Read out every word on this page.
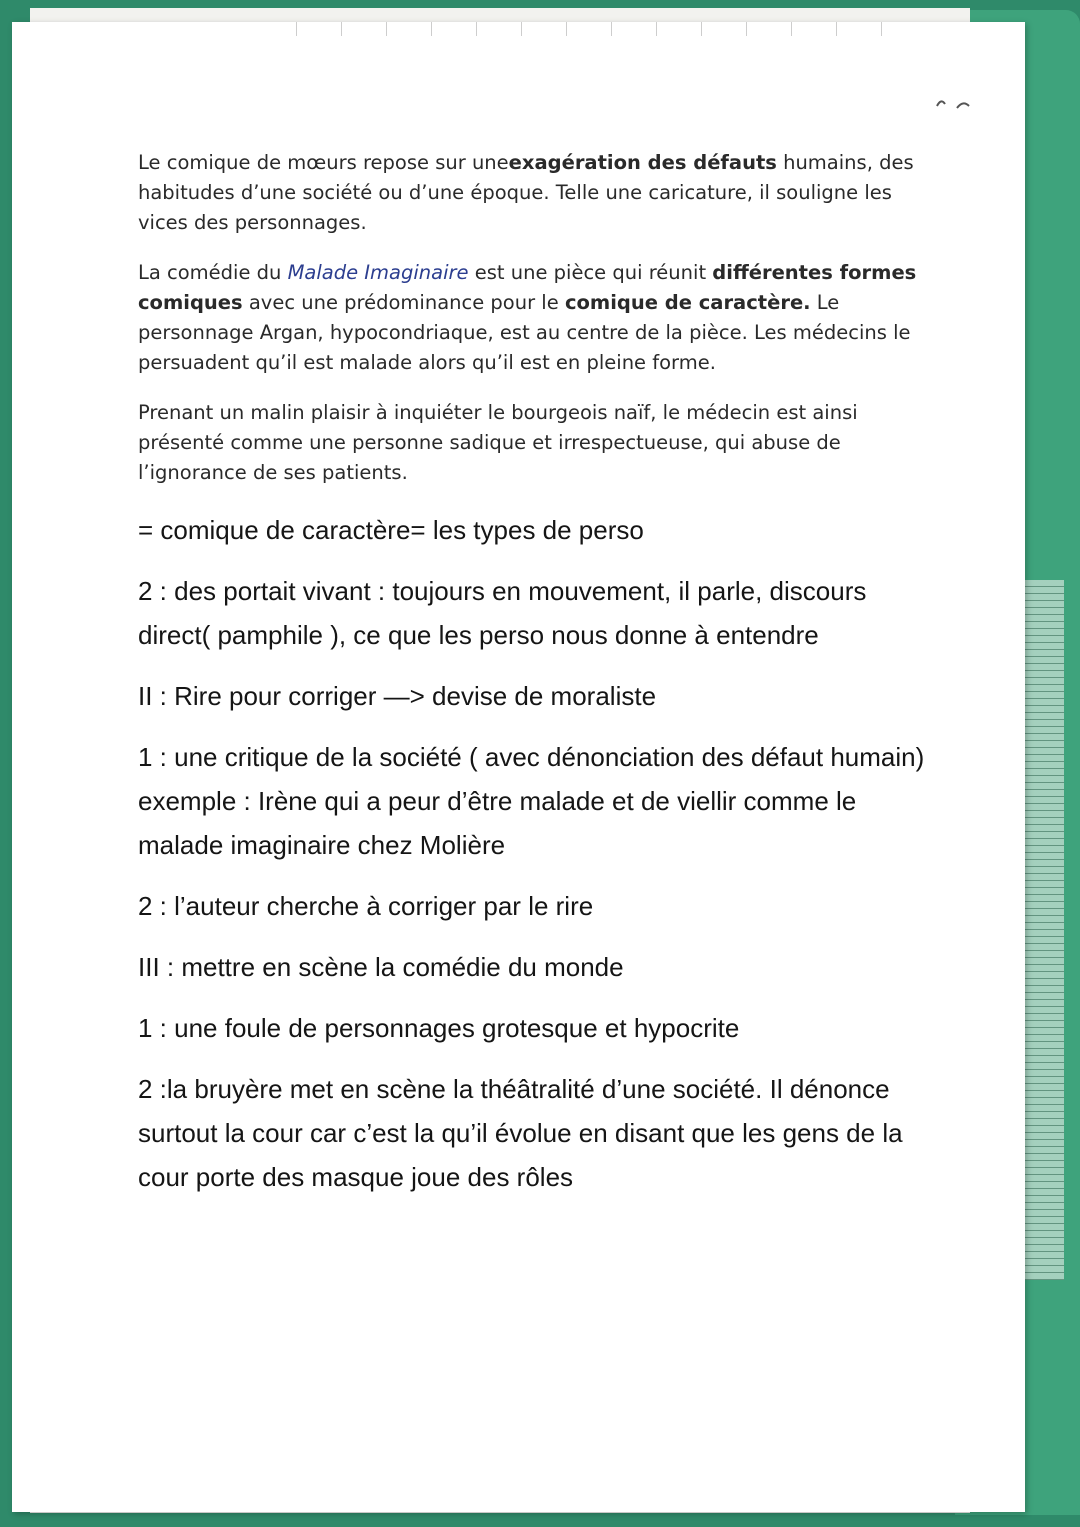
Le comique de mœurs repose sur uneexagération des défauts humains, des habitudes d’une société ou d’une époque. Telle une caricature, il souligne les vices des personnages.

La comédie du Malade Imaginaire est une pièce qui réunit différentes formes comiques avec une prédominance pour le comique de caractère. Le personnage Argan, hypocondriaque, est au centre de la pièce. Les médecins le persuadent qu’il est malade alors qu’il est en pleine forme.

Prenant un malin plaisir à inquiéter le bourgeois naïf, le médecin est ainsi présenté comme une personne sadique et irrespectueuse, qui abuse de l’ignorance de ses patients.

= comique de caractère= les types de perso

2 : des portait vivant : toujours en mouvement, il parle, discours direct( pamphile ), ce que les perso nous donne à entendre

II : Rire pour corriger —> devise de moraliste

1 : une critique de la société ( avec dénonciation des défaut humain) exemple : Irène qui a peur d’être malade et de viellir comme le malade imaginaire chez Molière

2 : l’auteur cherche à corriger par le rire

III : mettre en scène la comédie du monde

1 : une foule de personnages grotesque et hypocrite

2 :la bruyère met en scène la théâtralité d’une société. Il dénonce surtout la cour car c’est la qu’il évolue en disant que les gens de la cour porte des masque joue des rôles
